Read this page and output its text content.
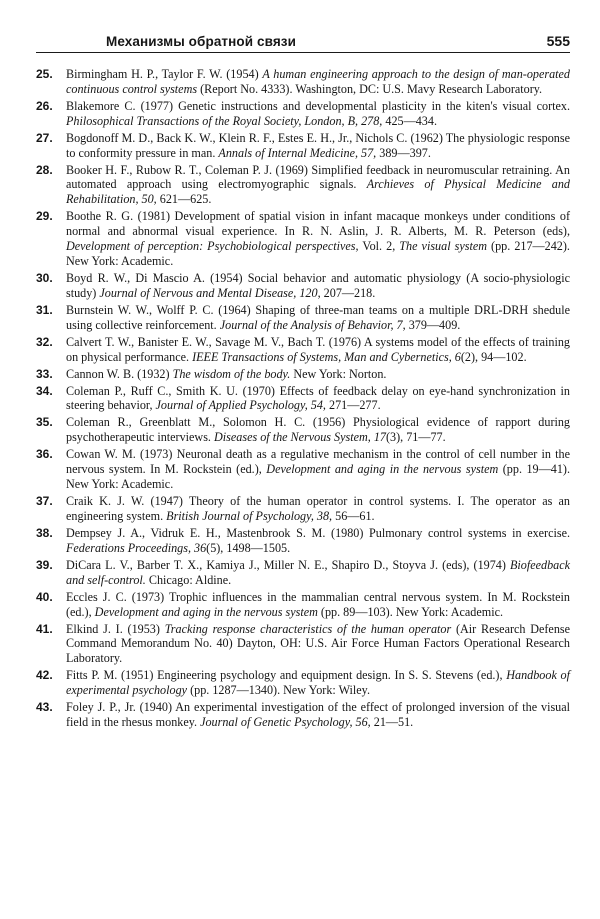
Механизмы обратной связи	555
25.	Birmingham H. P., Taylor F. W. (1954) A human engineering approach to the design of man-operated continuous control systems (Report No. 4333). Washington, DC: U.S. Mavy Research Laboratory.
26.	Blakemore C. (1977) Genetic instructions and developmental plasticity in the kiten's visual cortex. Philosophical Transactions of the Royal Society, London, B, 278, 425—434.
27.	Bogdonoff M. D., Back K. W., Klein R. F., Estes E. H., Jr., Nichols C. (1962) The physiologic response to conformity pressure in man. Annals of Internal Medicine, 57, 389—397.
28.	Booker H. F., Rubow R. T., Coleman P. J. (1969) Simplified feedback in neuromuscular retraining. An automated approach using electromyographic signals. Archieves of Physical Medicine and Rehabilitation, 50, 621—625.
29.	Boothe R. G. (1981) Development of spatial vision in infant macaque monkeys under conditions of normal and abnormal visual experience. In R. N. Aslin, J. R. Alberts, M. R. Peterson (eds), Development of perception: Psychobiological perspectives, Vol. 2, The visual system (pp. 217—242). New York: Academic.
30.	Boyd R. W., Di Mascio A. (1954) Social behavior and automatic physiology (A socio-physiologic study) Journal of Nervous and Mental Disease, 120, 207—218.
31.	Burnstein W. W., Wolff P. C. (1964) Shaping of three-man teams on a multiple DRL-DRH shedule using collective reinforcement. Journal of the Analysis of Behavior, 7, 379—409.
32.	Calvert T. W., Banister E. W., Savage M. V., Bach T. (1976) A systems model of the effects of training on physical performance. IEEE Transactions of Systems, Man and Cybernetics, 6(2), 94—102.
33.	Cannon W. B. (1932) The wisdom of the body. New York: Norton.
34.	Coleman P., Ruff C., Smith K. U. (1970) Effects of feedback delay on eye-hand synchronization in steering behavior, Journal of Applied Psychology, 54, 271—277.
35.	Coleman R., Greenblatt M., Solomon H. C. (1956) Physiological evidence of rapport during psychotherapeutic interviews. Diseases of the Nervous System, 17(3), 71—77.
36.	Cowan W. M. (1973) Neuronal death as a regulative mechanism in the control of cell number in the nervous system. In M. Rockstein (ed.), Development and aging in the nervous system (pp. 19—41). New York: Academic.
37.	Craik K. J. W. (1947) Theory of the human operator in control systems. I. The operator as an engineering system. British Journal of Psychology, 38, 56—61.
38.	Dempsey J. A., Vidruk E. H., Mastenbrook S. M. (1980) Pulmonary control systems in exercise. Federations Proceedings, 36(5), 1498—1505.
39.	DiCara L. V., Barber T. X., Kamiya J., Miller N. E., Shapiro D., Stoyva J. (eds), (1974) Biofeedback and self-control. Chicago: Aldine.
40.	Eccles J. C. (1973) Trophic influences in the mammalian central nervous system. In M. Rockstein (ed.), Development and aging in the nervous system (pp. 89—103). New York: Academic.
41.	Elkind J. I. (1953) Tracking response characteristics of the human operator (Air Research Defense Command Memorandum No. 40) Dayton, OH: U.S. Air Force Human Factors Operational Research Laboratory.
42.	Fitts P. M. (1951) Engineering psychology and equipment design. In S. S. Stevens (ed.), Handbook of experimental psychology (pp. 1287—1340). New York: Wiley.
43.	Foley J. P., Jr. (1940) An experimental investigation of the effect of prolonged inversion of the visual field in the rhesus monkey. Journal of Genetic Psychology, 56, 21—51.
